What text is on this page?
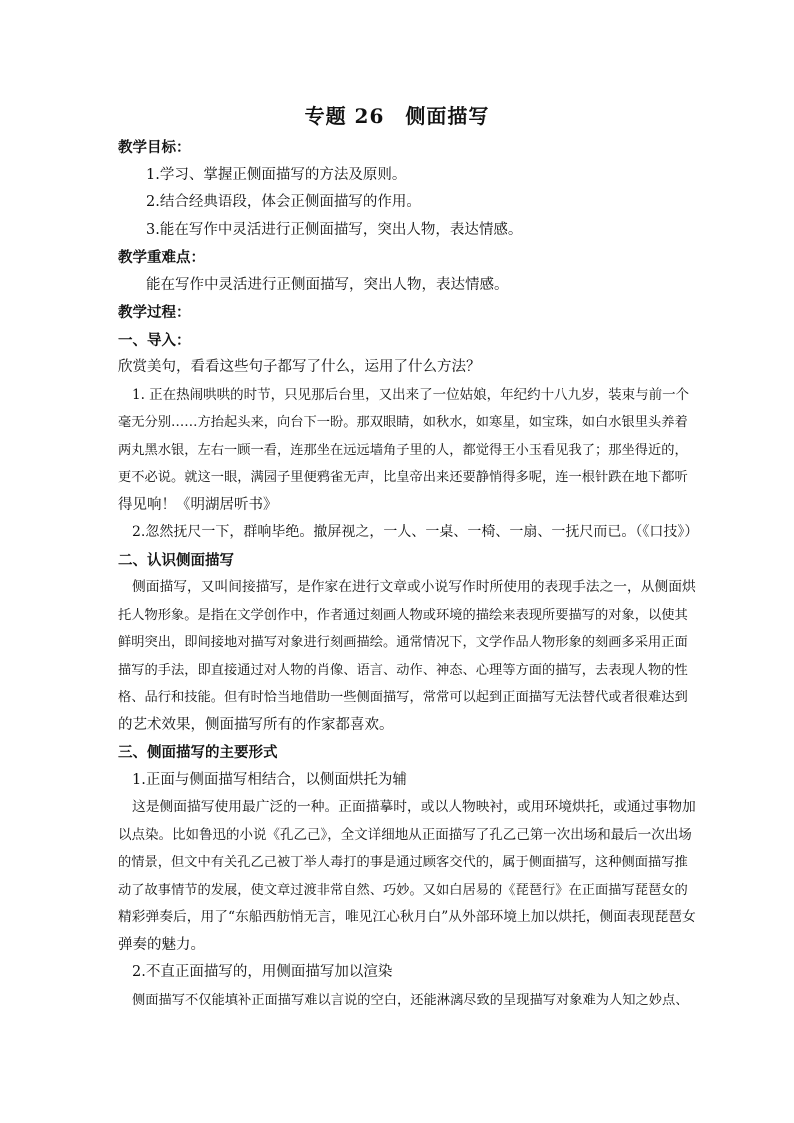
专题 26　侧面描写
教学目标：
1.学习、掌握正侧面描写的方法及原则。
2.结合经典语段，体会正侧面描写的作用。
3.能在写作中灵活进行正侧面描写，突出人物，表达情感。
教学重难点：
能在写作中灵活进行正侧面描写，突出人物，表达情感。
教学过程：
一、导入：
欣赏美句，看看这些句子都写了什么，运用了什么方法？
1. 正在热闹哄哄的时节，只见那后台里，又出来了一位姑娘，年纪约十八九岁，装束与前一个
毫无分别……方抬起头来，向台下一盼。那双眼睛，如秋水，如寒星，如宝珠，如白水银里头养着
两丸黑水银，左右一顾一看，连那坐在远远墙角子里的人，都觉得王小玉看见我了；那坐得近的，
更不必说。就这一眼，满园子里便鸦雀无声，比皇帝出来还要静悄得多呢，连一根针跌在地下都听
得见响！《明湖居听书》
2.忽然抚尺一下，群响毕绝。撤屏视之，一人、一桌、一椅、一扇、一抚尺而已。（《口技》）
二、认识侧面描写
侧面描写，又叫间接描写，是作家在进行文章或小说写作时所使用的表现手法之一，从侧面烘
托人物形象。是指在文学创作中，作者通过刻画人物或环境的描绘来表现所要描写的对象，以使其
鲜明突出，即间接地对描写对象进行刻画描绘。通常情况下，文学作品人物形象的刻画多采用正面
描写的手法，即直接通过对人物的肖像、语言、动作、神态、心理等方面的描写，去表现人物的性
格、品行和技能。但有时恰当地借助一些侧面描写，常常可以起到正面描写无法替代或者很难达到
的艺术效果，侧面描写所有的作家都喜欢。
三、侧面描写的主要形式
1.正面与侧面描写相结合，以侧面烘托为辅
这是侧面描写使用最广泛的一种。正面描摹时，或以人物映衬，或用环境烘托，或通过事物加
以点染。比如鲁迅的小说《孔乙己》，全文详细地从正面描写了孔乙己第一次出场和最后一次出场
的情景，但文中有关孔乙己被丁举人毒打的事是通过顾客交代的，属于侧面描写，这种侧面描写推
动了故事情节的发展，使文章过渡非常自然、巧妙。又如白居易的《琵琶行》在正面描写琵琶女的
精彩弹奏后，用了“东船西舫悄无言，唯见江心秋月白”从外部环境上加以烘托，侧面表现琵琶女
弹奏的魅力。
2.不直正面描写的，用侧面描写加以渲染
侧面描写不仅能填补正面描写难以言说的空白，还能淋漓尽致的呈现描写对象难为人知之妙点、
